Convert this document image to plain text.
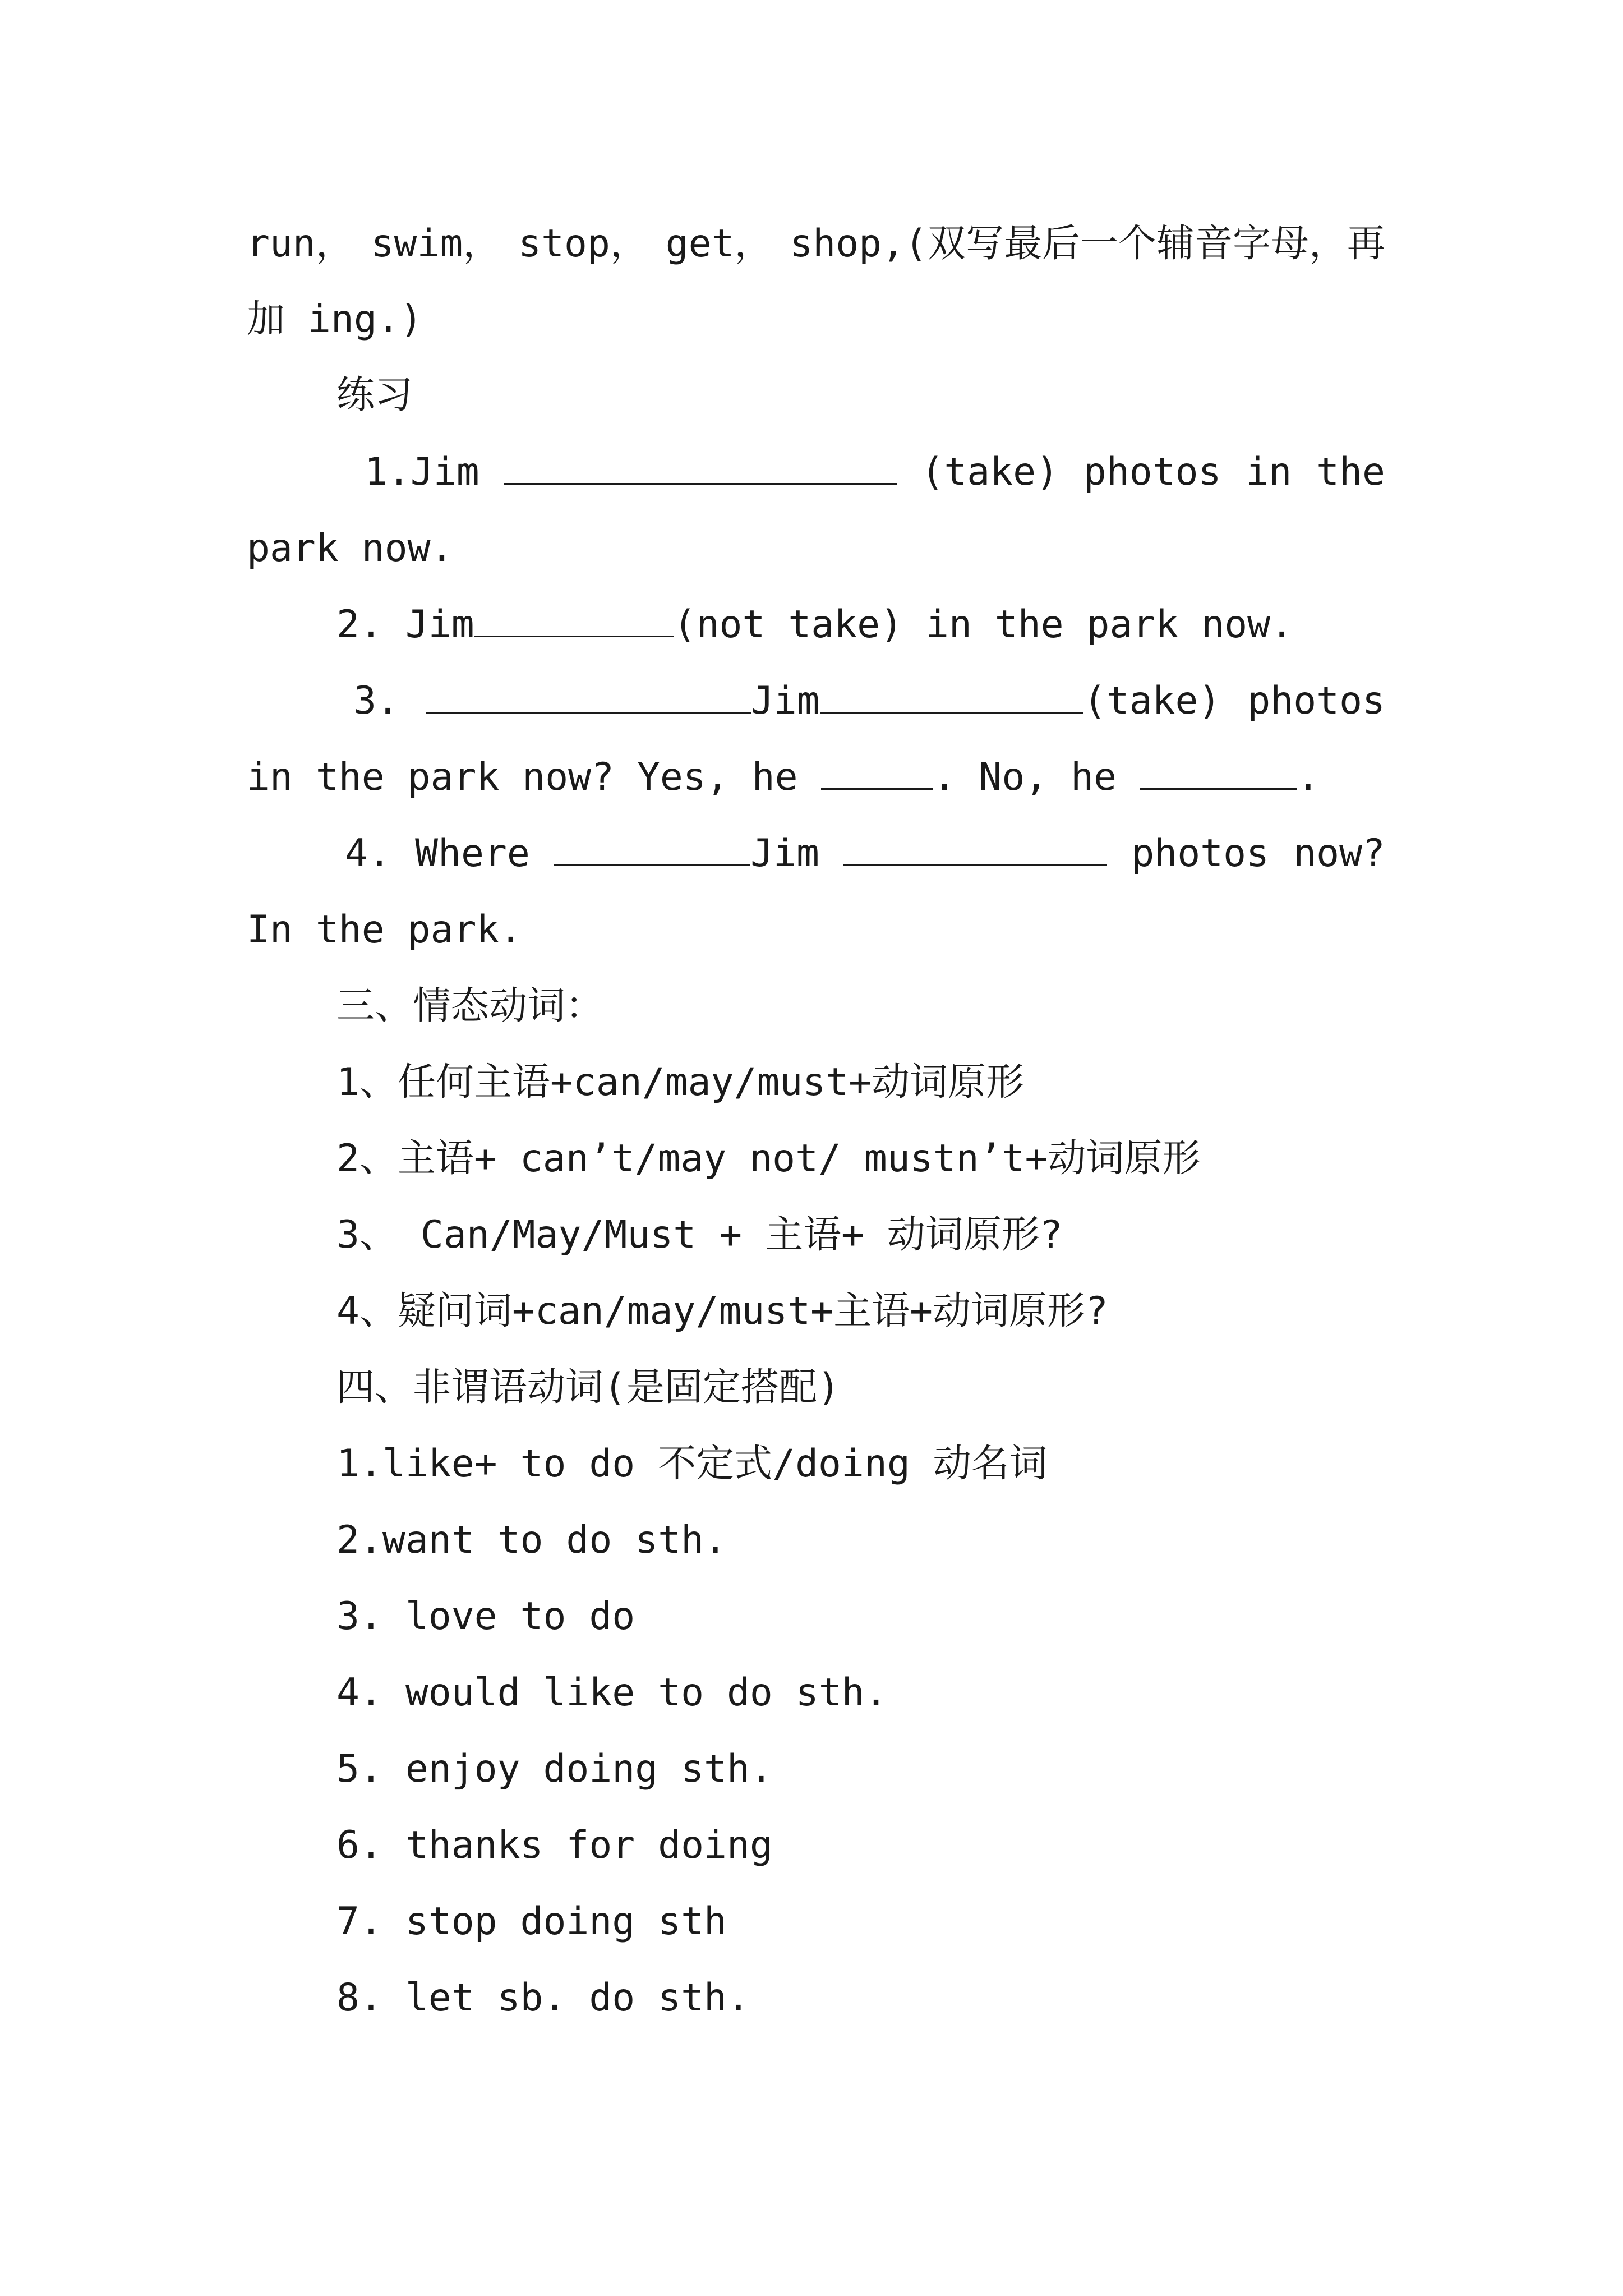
run， swim， stop， get， shop,(双写最后一个辅音字母，再
加 ing.)
练习
1.Jim	(take) photos in the
park now.
2. Jim	(not take) in the park now.
3.	Jim	(take) photos
in the park now? Yes, he	. No, he	.
4. Where	Jim	photos now?
In the park.
三、情态动词：
1、任何主语+can/may/must+动词原形
2、主语+ can’t/may not/ mustn’t+动词原形
3、 Can/May/Must + 主语+ 动词原形?
4、疑问词+can/may/must+主语+动词原形?
四、非谓语动词(是固定搭配)
1.like+ to do 不定式/doing 动名词
2.want to do sth.
3. love to do
4. would like to do sth.
5. enjoy doing sth.
6. thanks for doing
7. stop doing sth
8. let sb. do sth.
